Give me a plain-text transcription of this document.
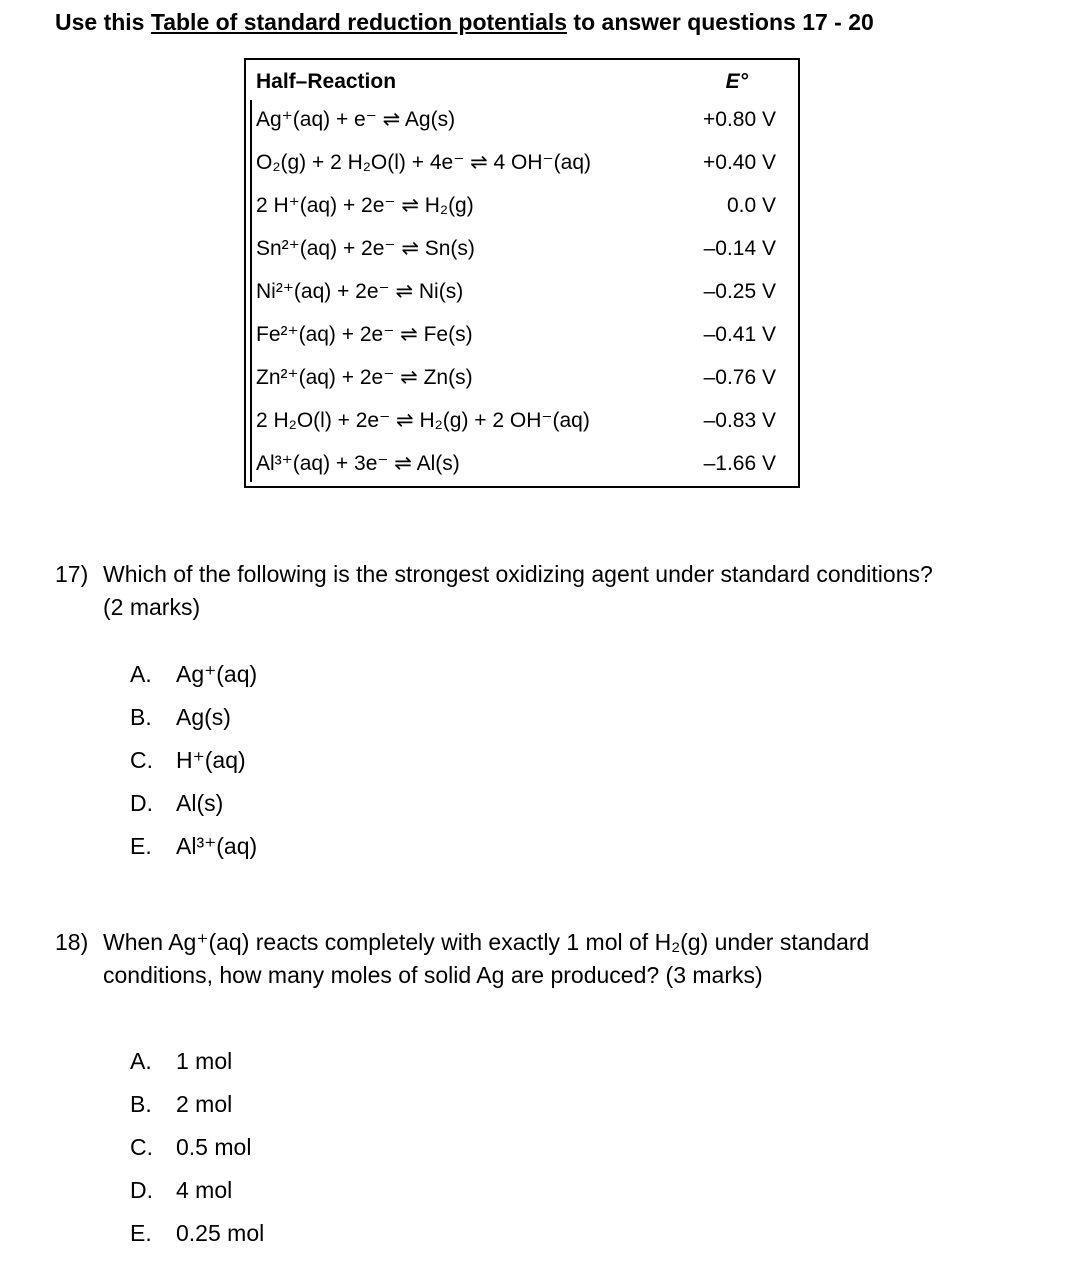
Use this Table of standard reduction potentials to answer questions 17 - 20
Half–Reaction	E°
Ag⁺(aq) + e⁻ ⇌ Ag(s)	+0.80 V
O₂(g) + 2 H₂O(l) + 4e⁻ ⇌ 4 OH⁻(aq)	+0.40 V
2 H⁺(aq) + 2e⁻ ⇌ H₂(g)	0.0 V
Sn²⁺(aq) + 2e⁻ ⇌ Sn(s)	–0.14 V
Ni²⁺(aq) + 2e⁻ ⇌ Ni(s)	–0.25 V
Fe²⁺(aq) + 2e⁻ ⇌ Fe(s)	–0.41 V
Zn²⁺(aq) + 2e⁻ ⇌ Zn(s)	–0.76 V
2 H₂O(l) + 2e⁻ ⇌ H₂(g) + 2 OH⁻(aq)	–0.83 V
Al³⁺(aq) + 3e⁻ ⇌ Al(s)	–1.66 V
17) Which of the following is the strongest oxidizing agent under standard conditions?
(2 marks)
A. Ag⁺(aq)
B. Ag(s)
C. H⁺(aq)
D. Al(s)
E. Al³⁺(aq)
18) When Ag⁺(aq) reacts completely with exactly 1 mol of H₂(g) under standard
conditions, how many moles of solid Ag are produced? (3 marks)
A. 1 mol
B. 2 mol
C. 0.5 mol
D. 4 mol
E. 0.25 mol
